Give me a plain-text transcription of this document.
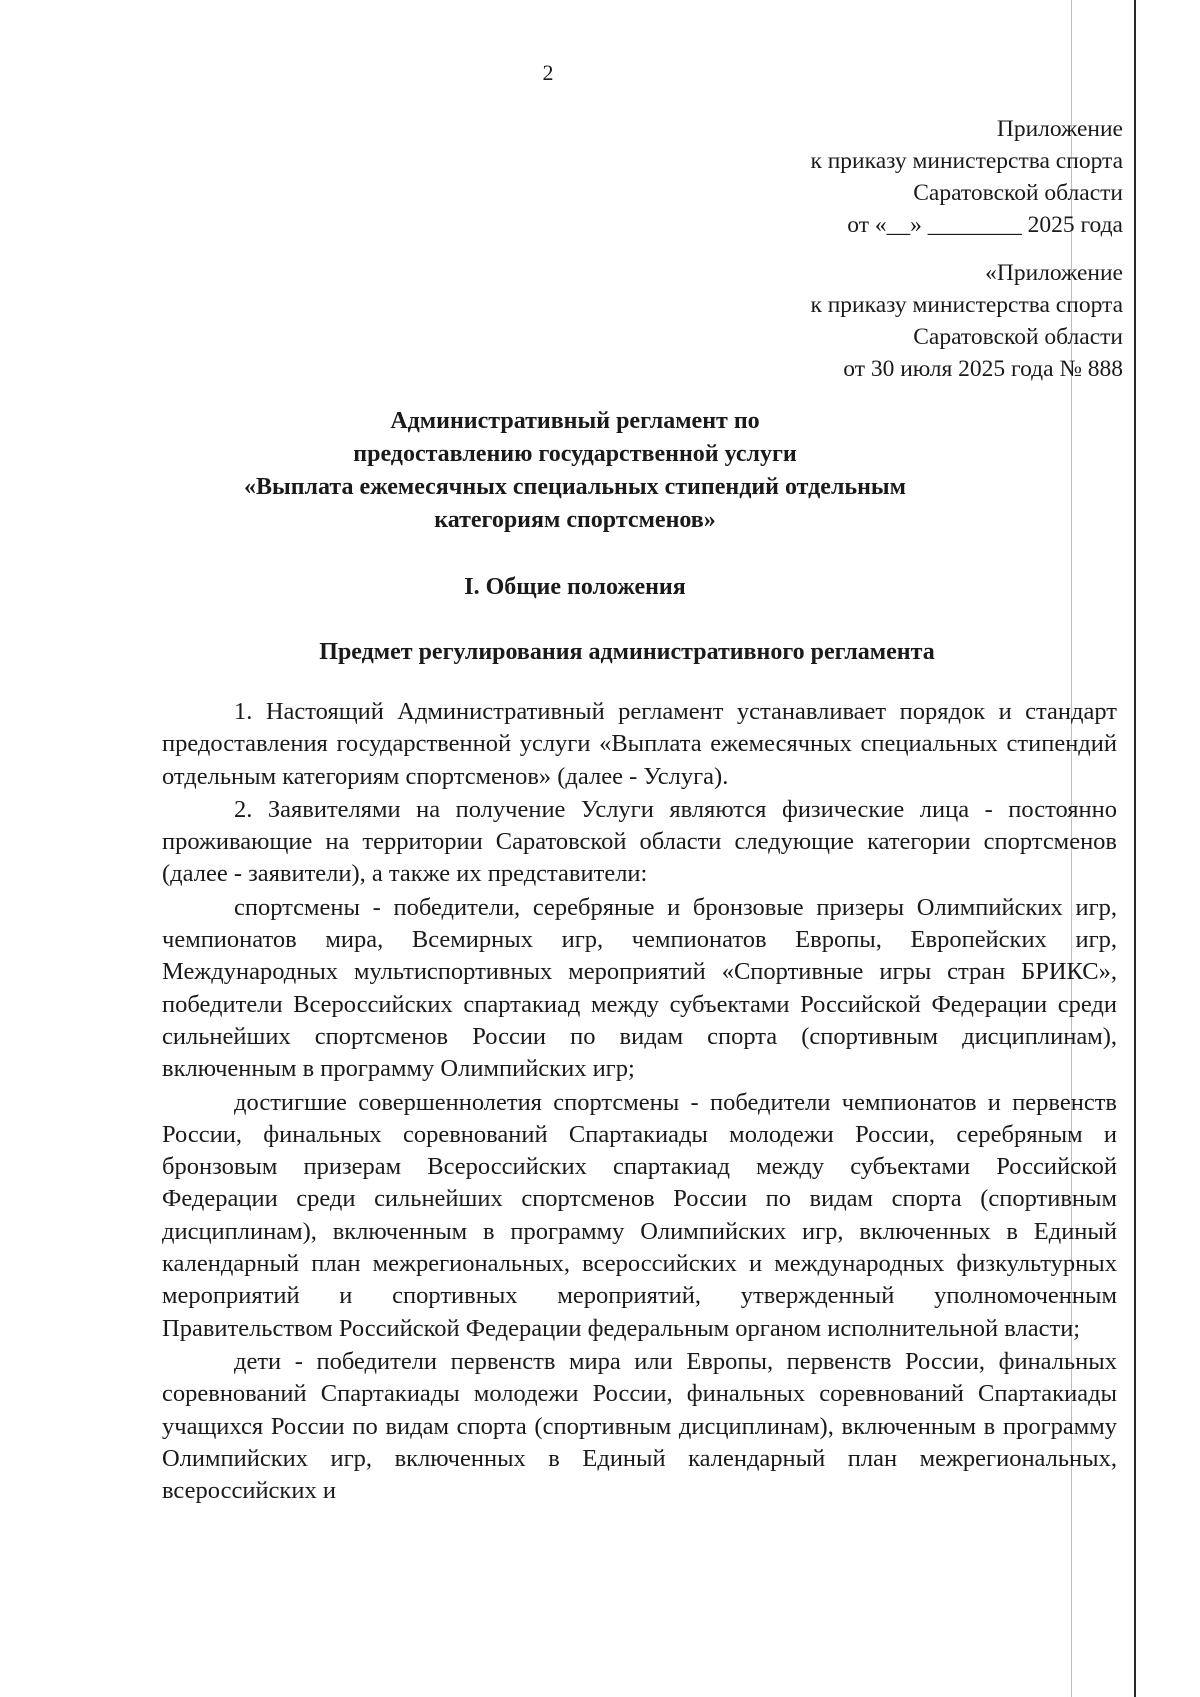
2
Приложение
к приказу министерства спорта
Саратовской области
от «__» ________ 2025 года
«Приложение
к приказу министерства спорта
Саратовской области
от 30 июля 2025 года № 888
Административный регламент по
предоставлению государственной услуги
«Выплата ежемесячных специальных стипендий отдельным
категориям спортсменов»
I. Общие положения
Предмет регулирования административного регламента

1. Настоящий Административный регламент устанавливает порядок и стандарт предоставления государственной услуги «Выплата ежемесячных специальных стипендий отдельным категориям спортсменов» (далее - Услуга).

2. Заявителями на получение Услуги являются физические лица - постоянно проживающие на территории Саратовской области следующие категории спортсменов (далее - заявители), а также их представители:

спортсмены - победители, серебряные и бронзовые призеры Олимпийских игр, чемпионатов мира, Всемирных игр, чемпионатов Европы, Европейских игр, Международных мультиспортивных мероприятий «Спортивные игры стран БРИКС», победители Всероссийских спартакиад между субъектами Российской Федерации среди сильнейших спортсменов России по видам спорта (спортивным дисциплинам), включенным в программу Олимпийских игр;

достигшие совершеннолетия спортсмены - победители чемпионатов и первенств России, финальных соревнований Спартакиады молодежи России, серебряным и бронзовым призерам Всероссийских спартакиад между субъектами Российской Федерации среди сильнейших спортсменов России по видам спорта (спортивным дисциплинам), включенным в программу Олимпийских игр, включенных в Единый календарный план межрегиональных, всероссийских и международных физкультурных мероприятий и спортивных мероприятий, утвержденный уполномоченным Правительством Российской Федерации федеральным органом исполнительной власти;

дети - победители первенств мира или Европы, первенств России, финальных соревнований Спартакиады молодежи России, финальных соревнований Спартакиады учащихся России по видам спорта (спортивным дисциплинам), включенным в программу Олимпийских игр, включенных в Единый календарный план межрегиональных, всероссийских и
